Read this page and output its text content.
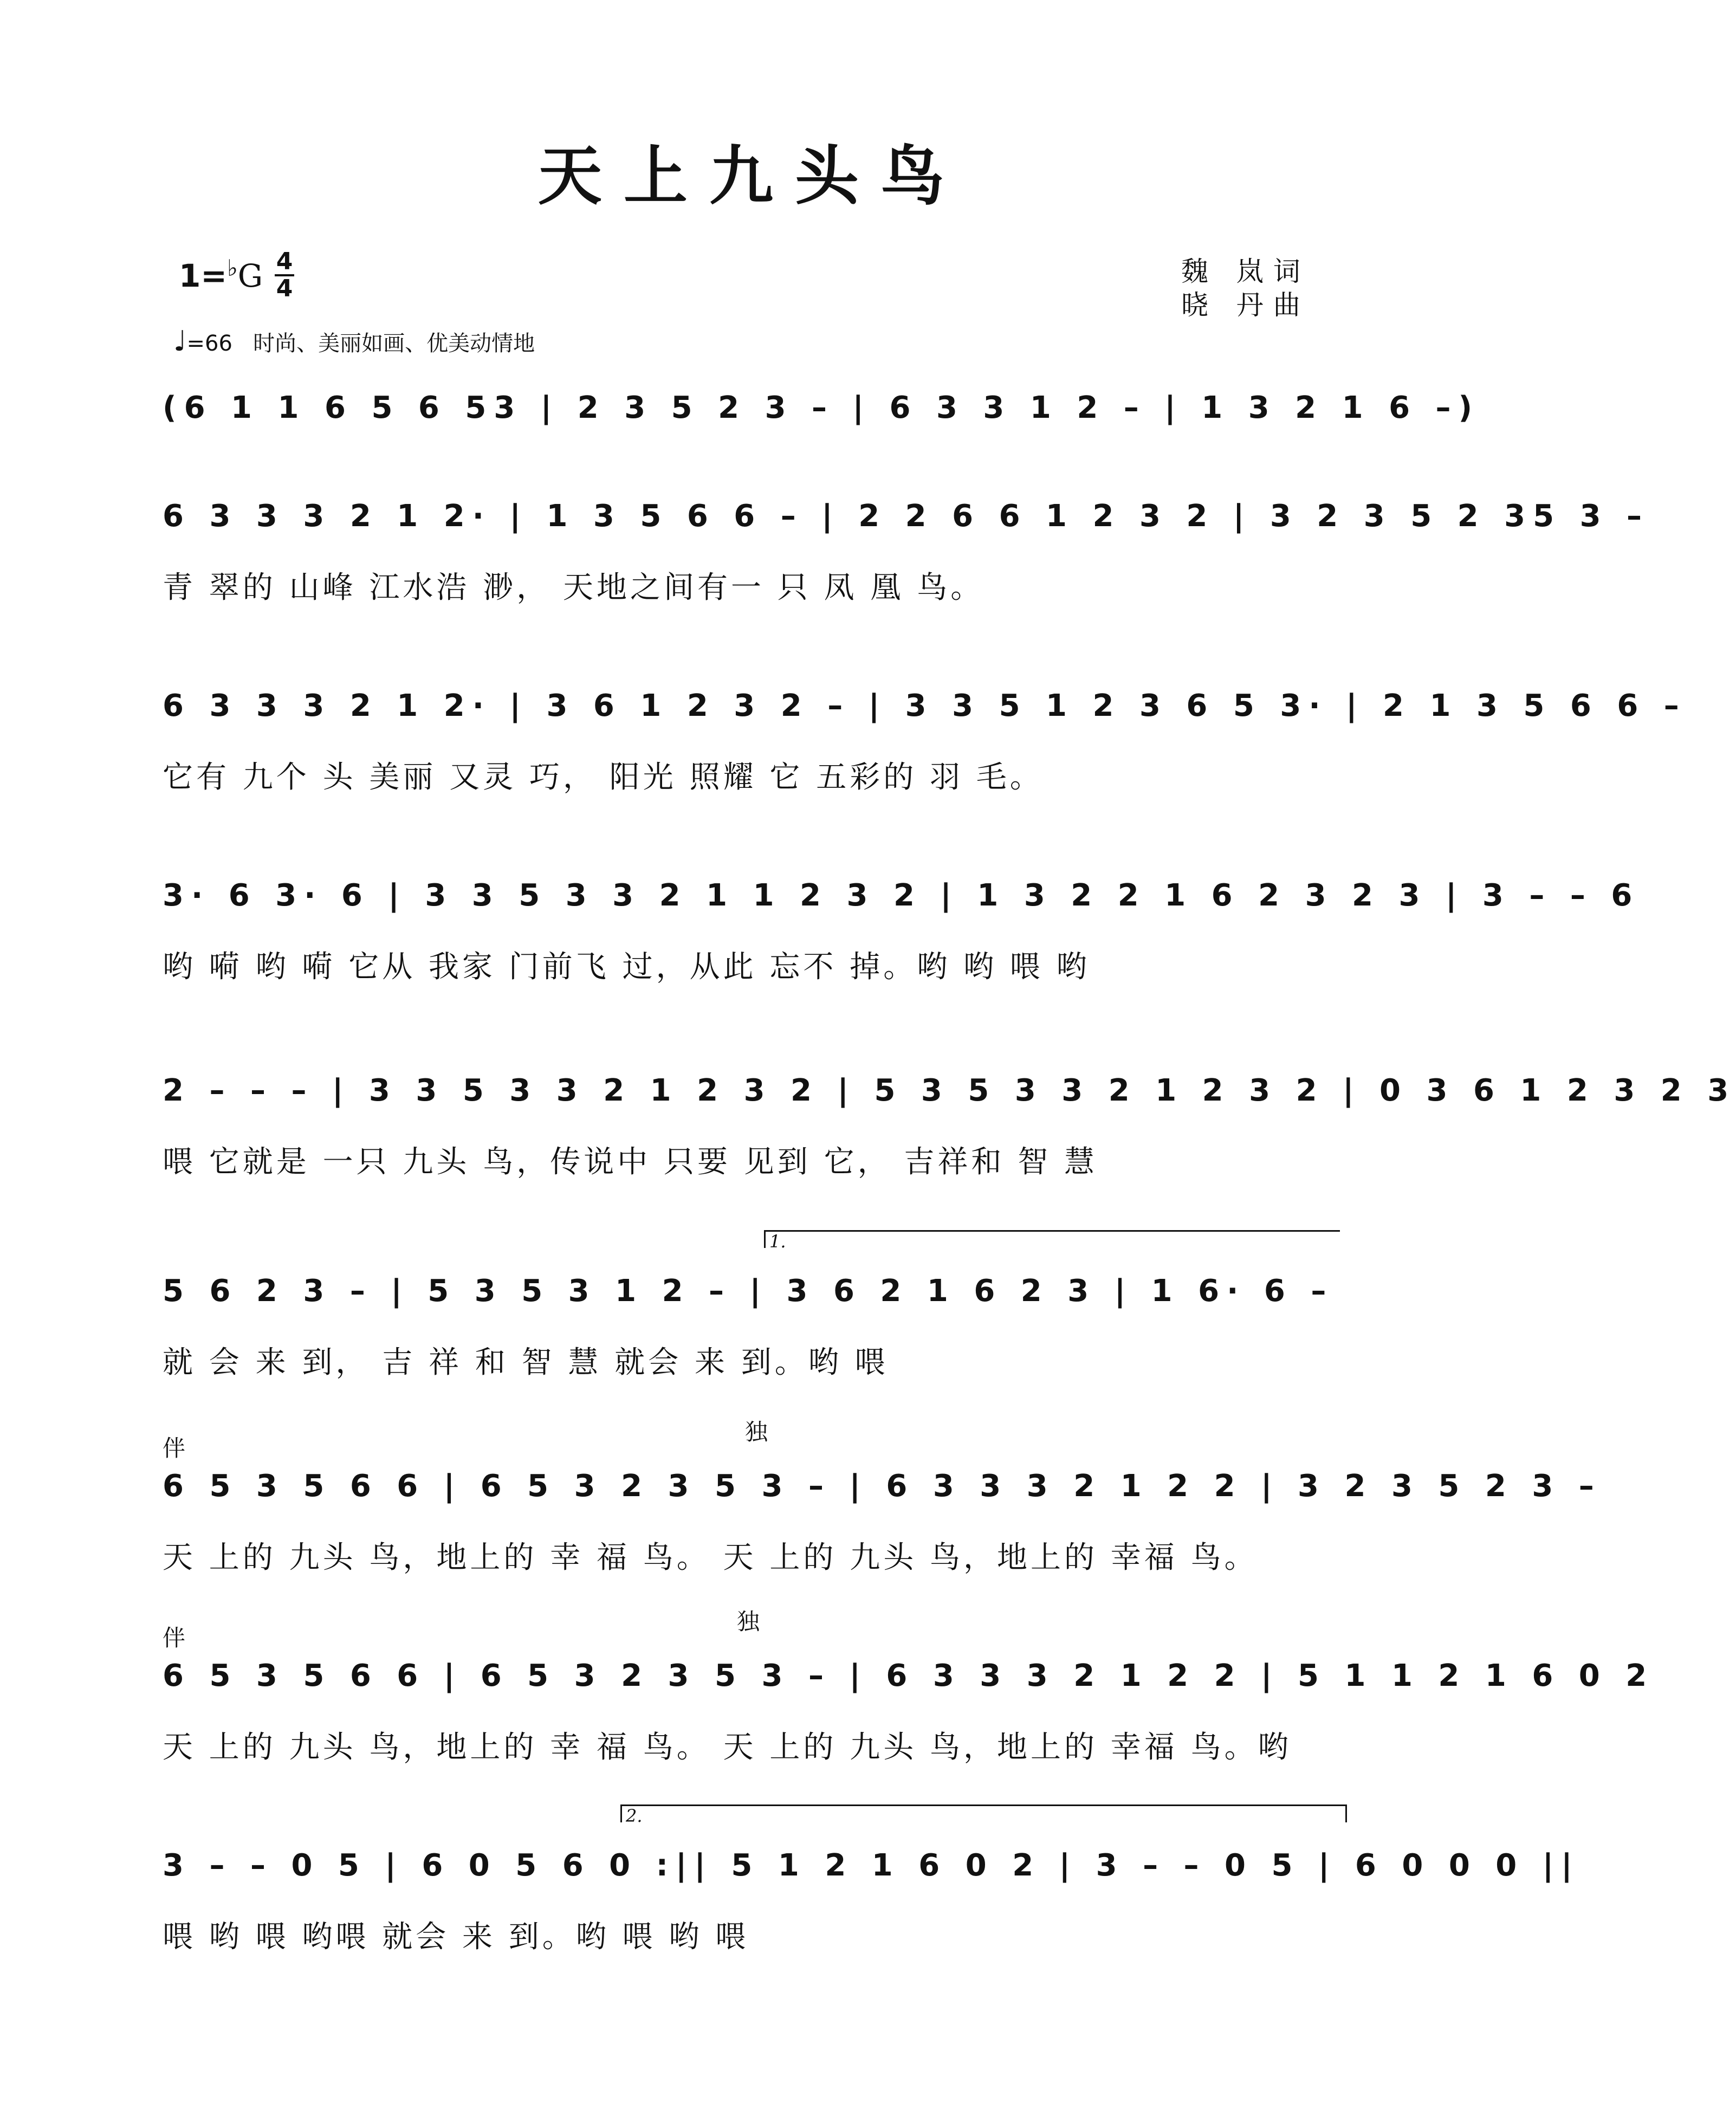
天上九头鸟
1=♭G 4
4
魏 岚词
晓 丹曲
♩=66 时尚、美丽如画、优美动情地
(6 1 1 6 5 6 53 | 2 3 5 2 3 – | 6 3 3 1 2 – | 1 3 2 1 6 –)
6 3 3 3 2 1 2· | 1 3 5 6 6 – | 2 2 6 6 1 2 3 2 | 3 2 3 5 2 35 3 –
青 翠的 山峰 江水浩 渺， 天地之间有一 只 凤 凰 鸟。
6 3 3 3 2 1 2· | 3 6 1 2 3 2 – | 3 3 5 1 2 3 6 5 3· | 2 1 3 5 6 6 –
它有 九个 头 美丽 又灵 巧， 阳光 照耀 它 五彩的 羽 毛。
3· 6 3· 6 | 3 3 5 3 3 2 1 1 2 3 2 | 1 3 2 2 1 6 2 3 2 3 | 3 – – 6
哟 嗬 哟 嗬 它从 我家 门前飞 过，从此 忘不 掉。哟 哟 喂 哟
2 – – – | 3 3 5 3 3 2 1 2 3 2 | 5 3 5 3 3 2 1 2 3 2 | 0 3 6 1 2 3 2 3
喂 它就是 一只 九头 鸟，传说中 只要 见到 它， 吉祥和 智 慧
1.
5 6 2 3 – | 5 3 5 3 1 2 – | 3 6 2 1 6 2 3 | 1 6· 6 –
就 会 来 到， 吉 祥 和 智 慧 就会 来 到。哟 喂
伴
独
6 5 3 5 6 6 | 6 5 3 2 3 5 3 – | 6 3 3 3 2 1 2 2 | 3 2 3 5 2 3 –
天 上的 九头 鸟，地上的 幸 福 鸟。 天 上的 九头 鸟，地上的 幸福 鸟。
伴
独
6 5 3 5 6 6 | 6 5 3 2 3 5 3 – | 6 3 3 3 2 1 2 2 | 5 1 1 2 1 6 0 2
天 上的 九头 鸟，地上的 幸 福 鸟。 天 上的 九头 鸟，地上的 幸福 鸟。哟
2.
3 – – 0 5 | 6 0 5 6 0 :|| 5 1 2 1 6 0 2 | 3 – – 0 5 | 6 0 0 0 ||
喂 哟 喂 哟喂 就会 来 到。哟 喂 哟 喂
